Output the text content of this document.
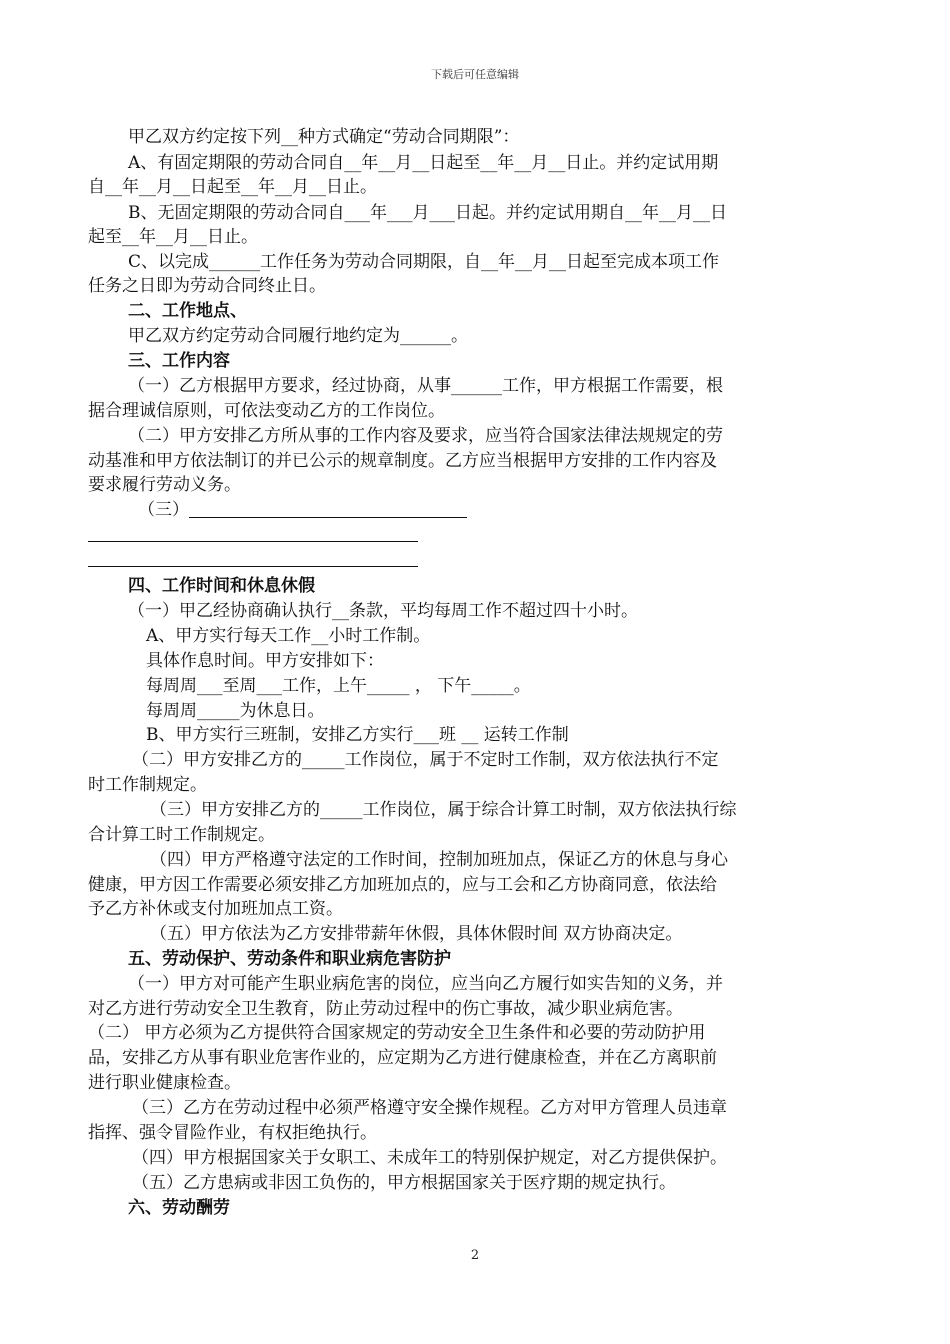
下载后可任意编辑
甲乙双方约定按下列__种方式确定“劳动合同期限”：
A、有固定期限的劳动合同自__年__月__日起至__年__月__日止。并约定试用期
自__年__月__日起至__年__月__日止。
B、无固定期限的劳动合同自___年___月___日起。并约定试用期自__年__月__日
起至__年__月__日止。
C、以完成______工作任务为劳动合同期限，自__年__月__日起至完成本项工作
任务之日即为劳动合同终止日。
二、工作地点、
甲乙双方约定劳动合同履行地约定为______。
三、工作内容
（一）乙方根据甲方要求，经过协商，从事______工作，甲方根据工作需要，根
据合理诚信原则，可依法变动乙方的工作岗位。
（二）甲方安排乙方所从事的工作内容及要求，应当符合国家法律法规规定的劳
动基准和甲方依法制订的并已公示的规章制度。乙方应当根据甲方安排的工作内容及
要求履行劳动义务。
（三）
四、工作时间和休息休假
（一）甲乙经协商确认执行__条款，平均每周工作不超过四十小时。
A、甲方实行每天工作__小时工作制。
具体作息时间。甲方安排如下：
每周周___至周___工作，上午_____ ， 下午_____。
每周周_____为休息日。
B、甲方实行三班制，安排乙方实行___班 __ 运转工作制
（二）甲方安排乙方的_____工作岗位，属于不定时工作制，双方依法执行不定
时工作制规定。
（三）甲方安排乙方的_____工作岗位，属于综合计算工时制，双方依法执行综
合计算工时工作制规定。
（四）甲方严格遵守法定的工作时间，控制加班加点，保证乙方的休息与身心
健康，甲方因工作需要必须安排乙方加班加点的，应与工会和乙方协商同意，依法给
予乙方补休或支付加班加点工资。
（五）甲方依法为乙方安排带薪年休假，具体休假时间 双方协商决定。
五、劳动保护、劳动条件和职业病危害防护
（一）甲方对可能产生职业病危害的岗位，应当向乙方履行如实告知的义务，并
对乙方进行劳动安全卫生教育，防止劳动过程中的伤亡事故，减少职业病危害。
（二） 甲方必须为乙方提供符合国家规定的劳动安全卫生条件和必要的劳动防护用
品，安排乙方从事有职业危害作业的，应定期为乙方进行健康检查，并在乙方离职前
进行职业健康检查。
（三）乙方在劳动过程中必须严格遵守安全操作规程。乙方对甲方管理人员违章
指挥、强令冒险作业，有权拒绝执行。
（四）甲方根据国家关于女职工、未成年工的特别保护规定，对乙方提供保护。
（五）乙方患病或非因工负伤的，甲方根据国家关于医疗期的规定执行。
六、劳动酬劳
2
